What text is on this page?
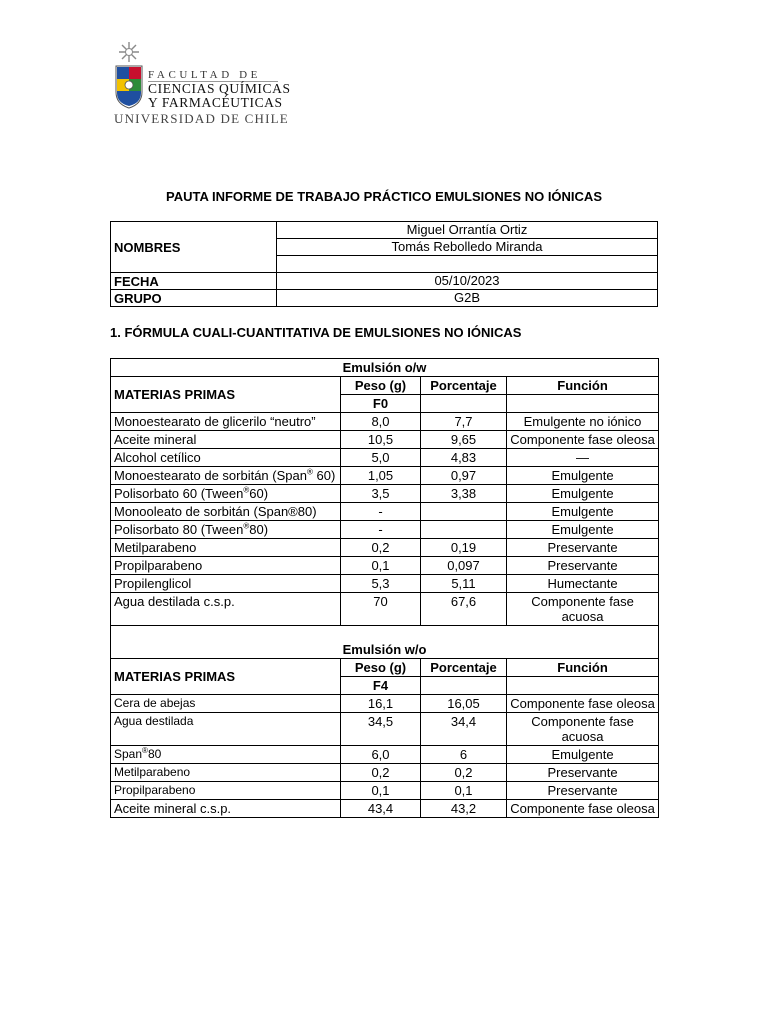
FACULTAD DE
CIENCIAS QUÍMICAS
Y FARMACÉUTICAS
UNIVERSIDAD DE CHILE
PAUTA INFORME DE TRABAJO PRÁCTICO EMULSIONES NO IÓNICAS
NOMBRES	Miguel Orrantía Ortiz
	Tomás Rebolledo Miranda

FECHA	05/10/2023
GRUPO	G2B
1. FÓRMULA CUALI-CUANTITATIVA DE EMULSIONES NO IÓNICAS
Emulsión o/w			
MATERIAS PRIMAS	Peso (g)	Porcentaje	Función
	F0		
Monoestearato de glicerilo “neutro”	8,0	7,7	Emulgente no iónico
Aceite mineral	10,5	9,65	Componente fase oleosa
Alcohol cetílico	5,0	4,83	—
Monoestearato de sorbitán (Span® 60)	1,05	0,97	Emulgente
Polisorbato 60 (Tween®60)	3,5	3,38	Emulgente
Monooleato de sorbitán (Span®80)	-		Emulgente
Polisorbato 80 (Tween®80)	-		Emulgente
Metilparabeno	0,2	0,19	Preservante
Propilparabeno	0,1	0,097	Preservante
Propilenglicol	5,3	5,11	Humectante
Agua destilada c.s.p.	70	67,6	Componente fase acuosa
Emulsión w/o			
MATERIAS PRIMAS	Peso (g)	Porcentaje	Función
	F4		
Cera de abejas	16,1	16,05	Componente fase oleosa
Agua destilada	34,5	34,4	Componente fase acuosa
Span®80	6,0	6	Emulgente
Metilparabeno	0,2	0,2	Preservante
Propilparabeno	0,1	0,1	Preservante
Aceite mineral c.s.p.	43,4	43,2	Componente fase oleosa
